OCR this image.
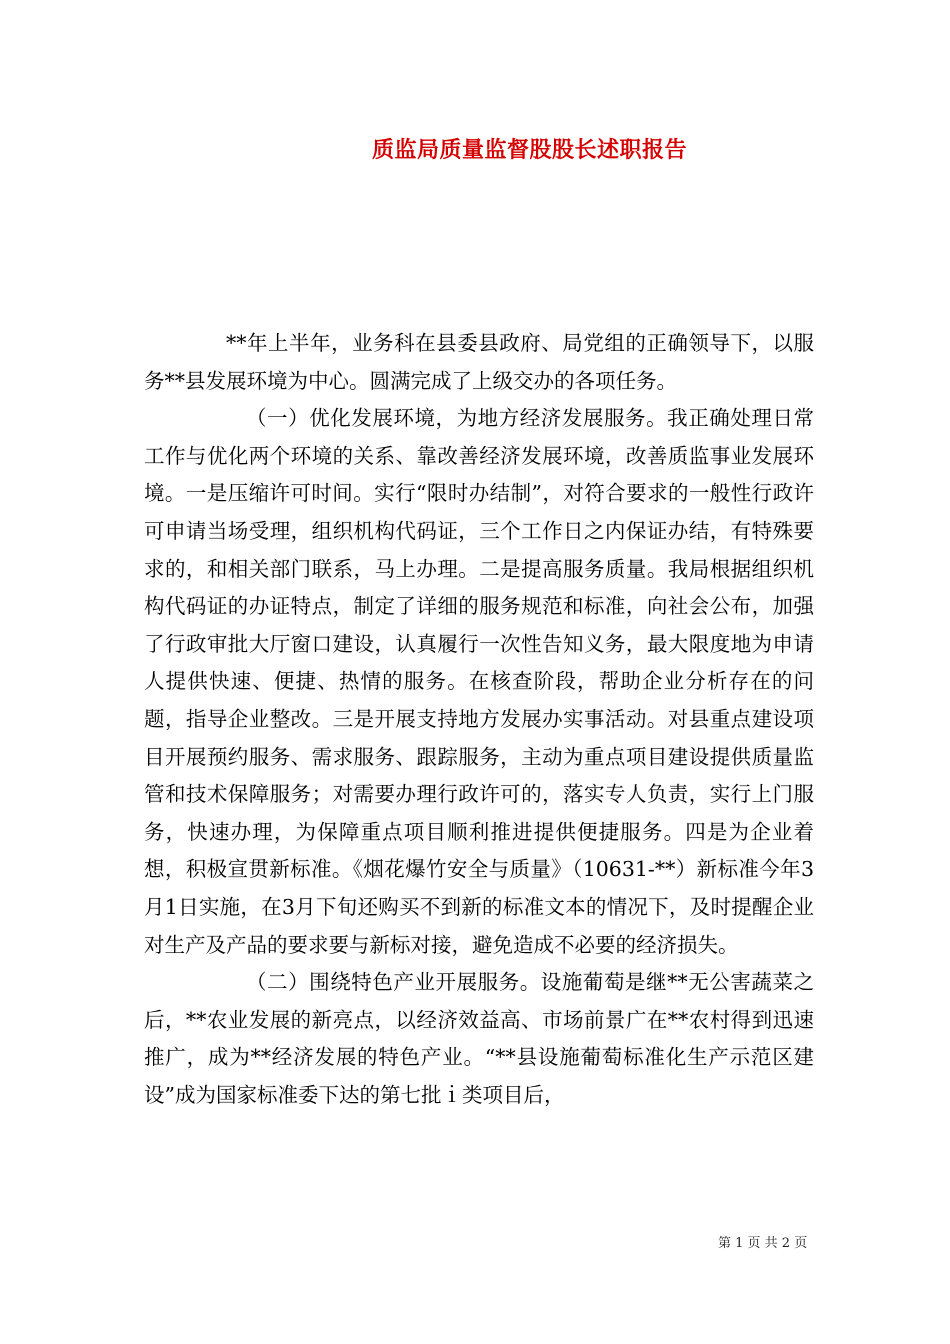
质监局质量监督股股长述职报告

**年上半年，业务科在县委县政府、局党组的正确领导下，以服务**县发展环境为中心。圆满完成了上级交办的各项任务。

（一）优化发展环境，为地方经济发展服务。我正确处理日常工作与优化两个环境的关系、靠改善经济发展环境，改善质监事业发展环境。一是压缩许可时间。实行“限时办结制”，对符合要求的一般性行政许可申请当场受理，组织机构代码证，三个工作日之内保证办结，有特殊要求的，和相关部门联系，马上办理。二是提高服务质量。我局根据组织机构代码证的办证特点，制定了详细的服务规范和标准，向社会公布，加强了行政审批大厅窗口建设，认真履行一次性告知义务，最大限度地为申请人提供快速、便捷、热情的服务。在核查阶段，帮助企业分析存在的问题，指导企业整改。三是开展支持地方发展办实事活动。对县重点建设项目开展预约服务、需求服务、跟踪服务，主动为重点项目建设提供质量监管和技术保障服务；对需要办理行政许可的，落实专人负责，实行上门服务，快速办理，为保障重点项目顺利推进提供便捷服务。四是为企业着想，积极宣贯新标准。《烟花爆竹安全与质量》（10631-**）新标准今年3月1日实施，在3月下旬还购买不到新的标准文本的情况下，及时提醒企业对生产及产品的要求要与新标对接，避免造成不必要的经济损失。

（二）围绕特色产业开展服务。设施葡萄是继**无公害蔬菜之后，**农业发展的新亮点，以经济效益高、市场前景广在**农村得到迅速推广，成为**经济发展的特色产业。“**县设施葡萄标准化生产示范区建设”成为国家标准委下达的第七批ｉ类项目后，

第 1 页 共 2 页
